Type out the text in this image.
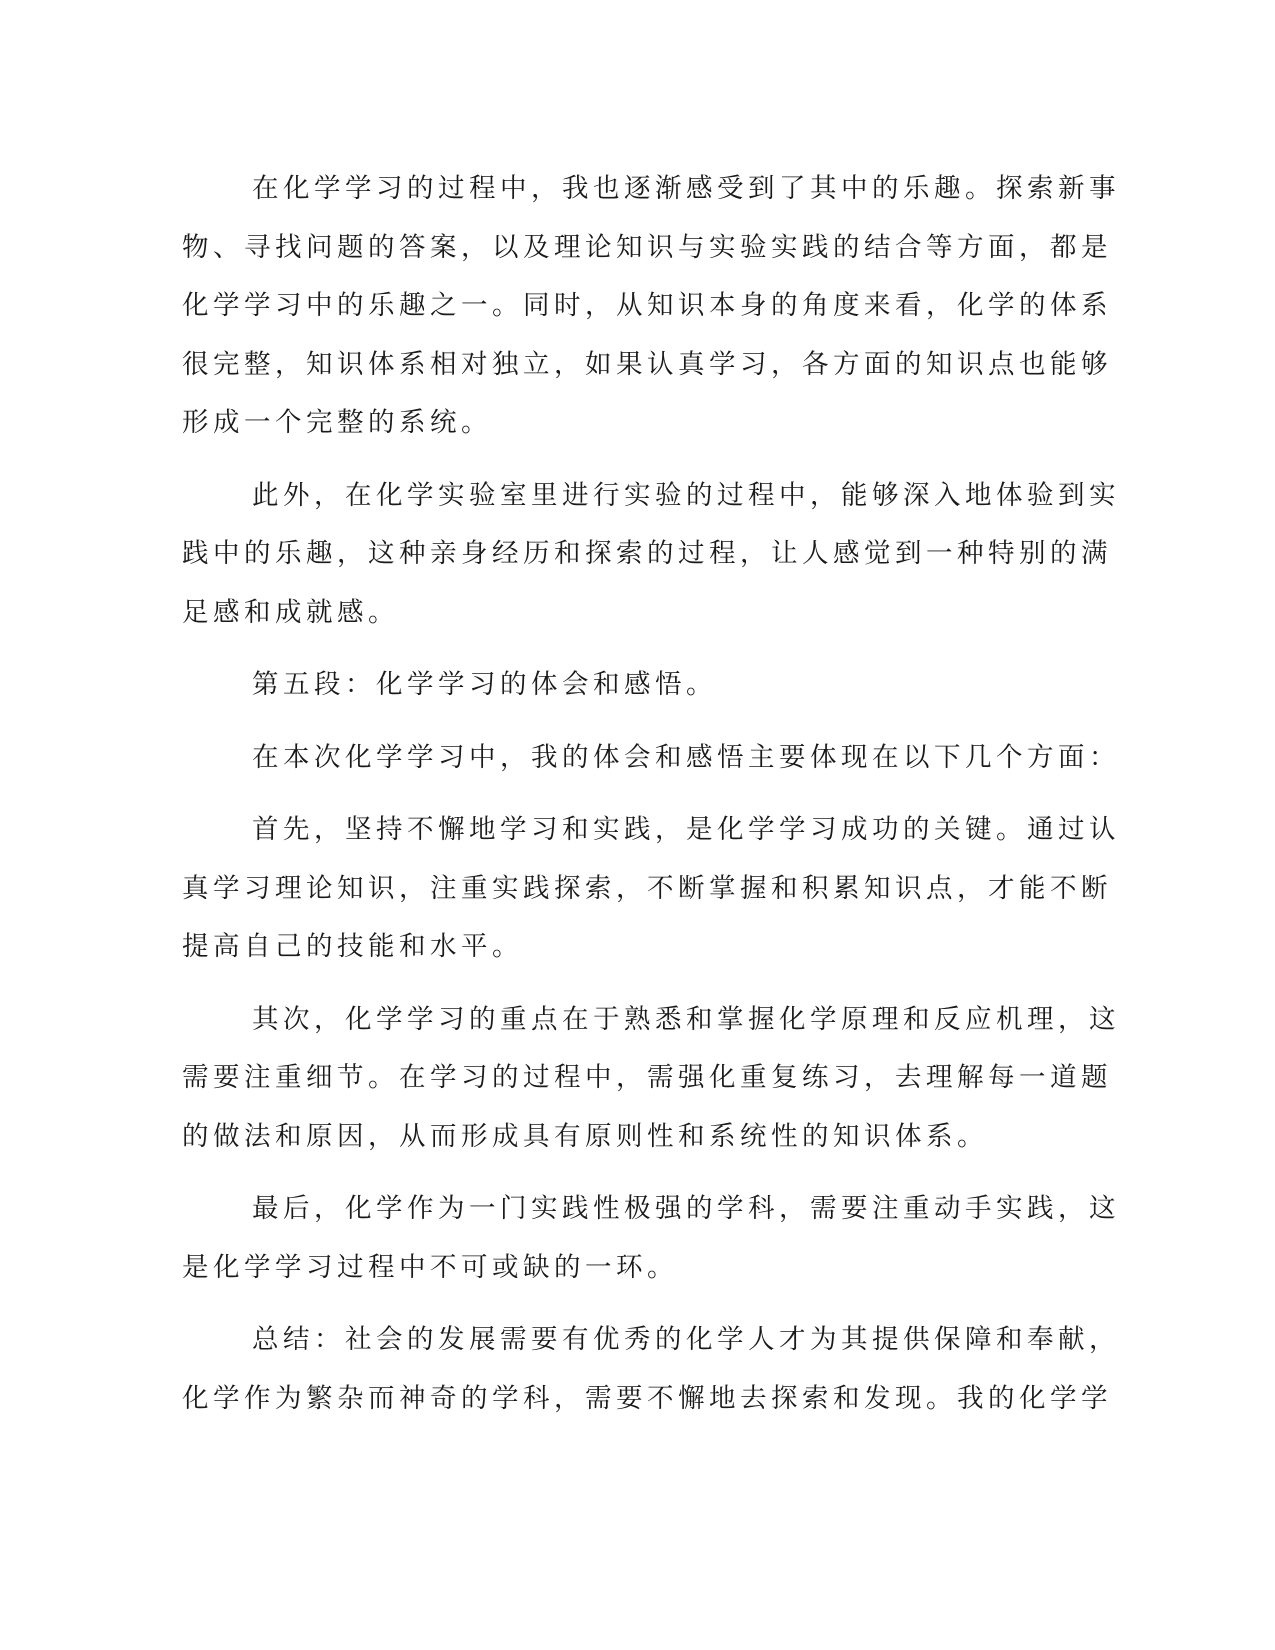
在化学学习的过程中，我也逐渐感受到了其中的乐趣。探索新事
物、寻找问题的答案，以及理论知识与实验实践的结合等方面，都是
化学学习中的乐趣之一。同时，从知识本身的角度来看，化学的体系
很完整，知识体系相对独立，如果认真学习，各方面的知识点也能够
形成一个完整的系统。
此外，在化学实验室里进行实验的过程中，能够深入地体验到实
践中的乐趣，这种亲身经历和探索的过程，让人感觉到一种特别的满
足感和成就感。
第五段：化学学习的体会和感悟。
在本次化学学习中，我的体会和感悟主要体现在以下几个方面：
首先，坚持不懈地学习和实践，是化学学习成功的关键。通过认
真学习理论知识，注重实践探索，不断掌握和积累知识点，才能不断
提高自己的技能和水平。
其次，化学学习的重点在于熟悉和掌握化学原理和反应机理，这
需要注重细节。在学习的过程中，需强化重复练习，去理解每一道题
的做法和原因，从而形成具有原则性和系统性的知识体系。
最后，化学作为一门实践性极强的学科，需要注重动手实践，这
是化学学习过程中不可或缺的一环。
总结：社会的发展需要有优秀的化学人才为其提供保障和奉献，
化学作为繁杂而神奇的学科，需要不懈地去探索和发现。我的化学学
